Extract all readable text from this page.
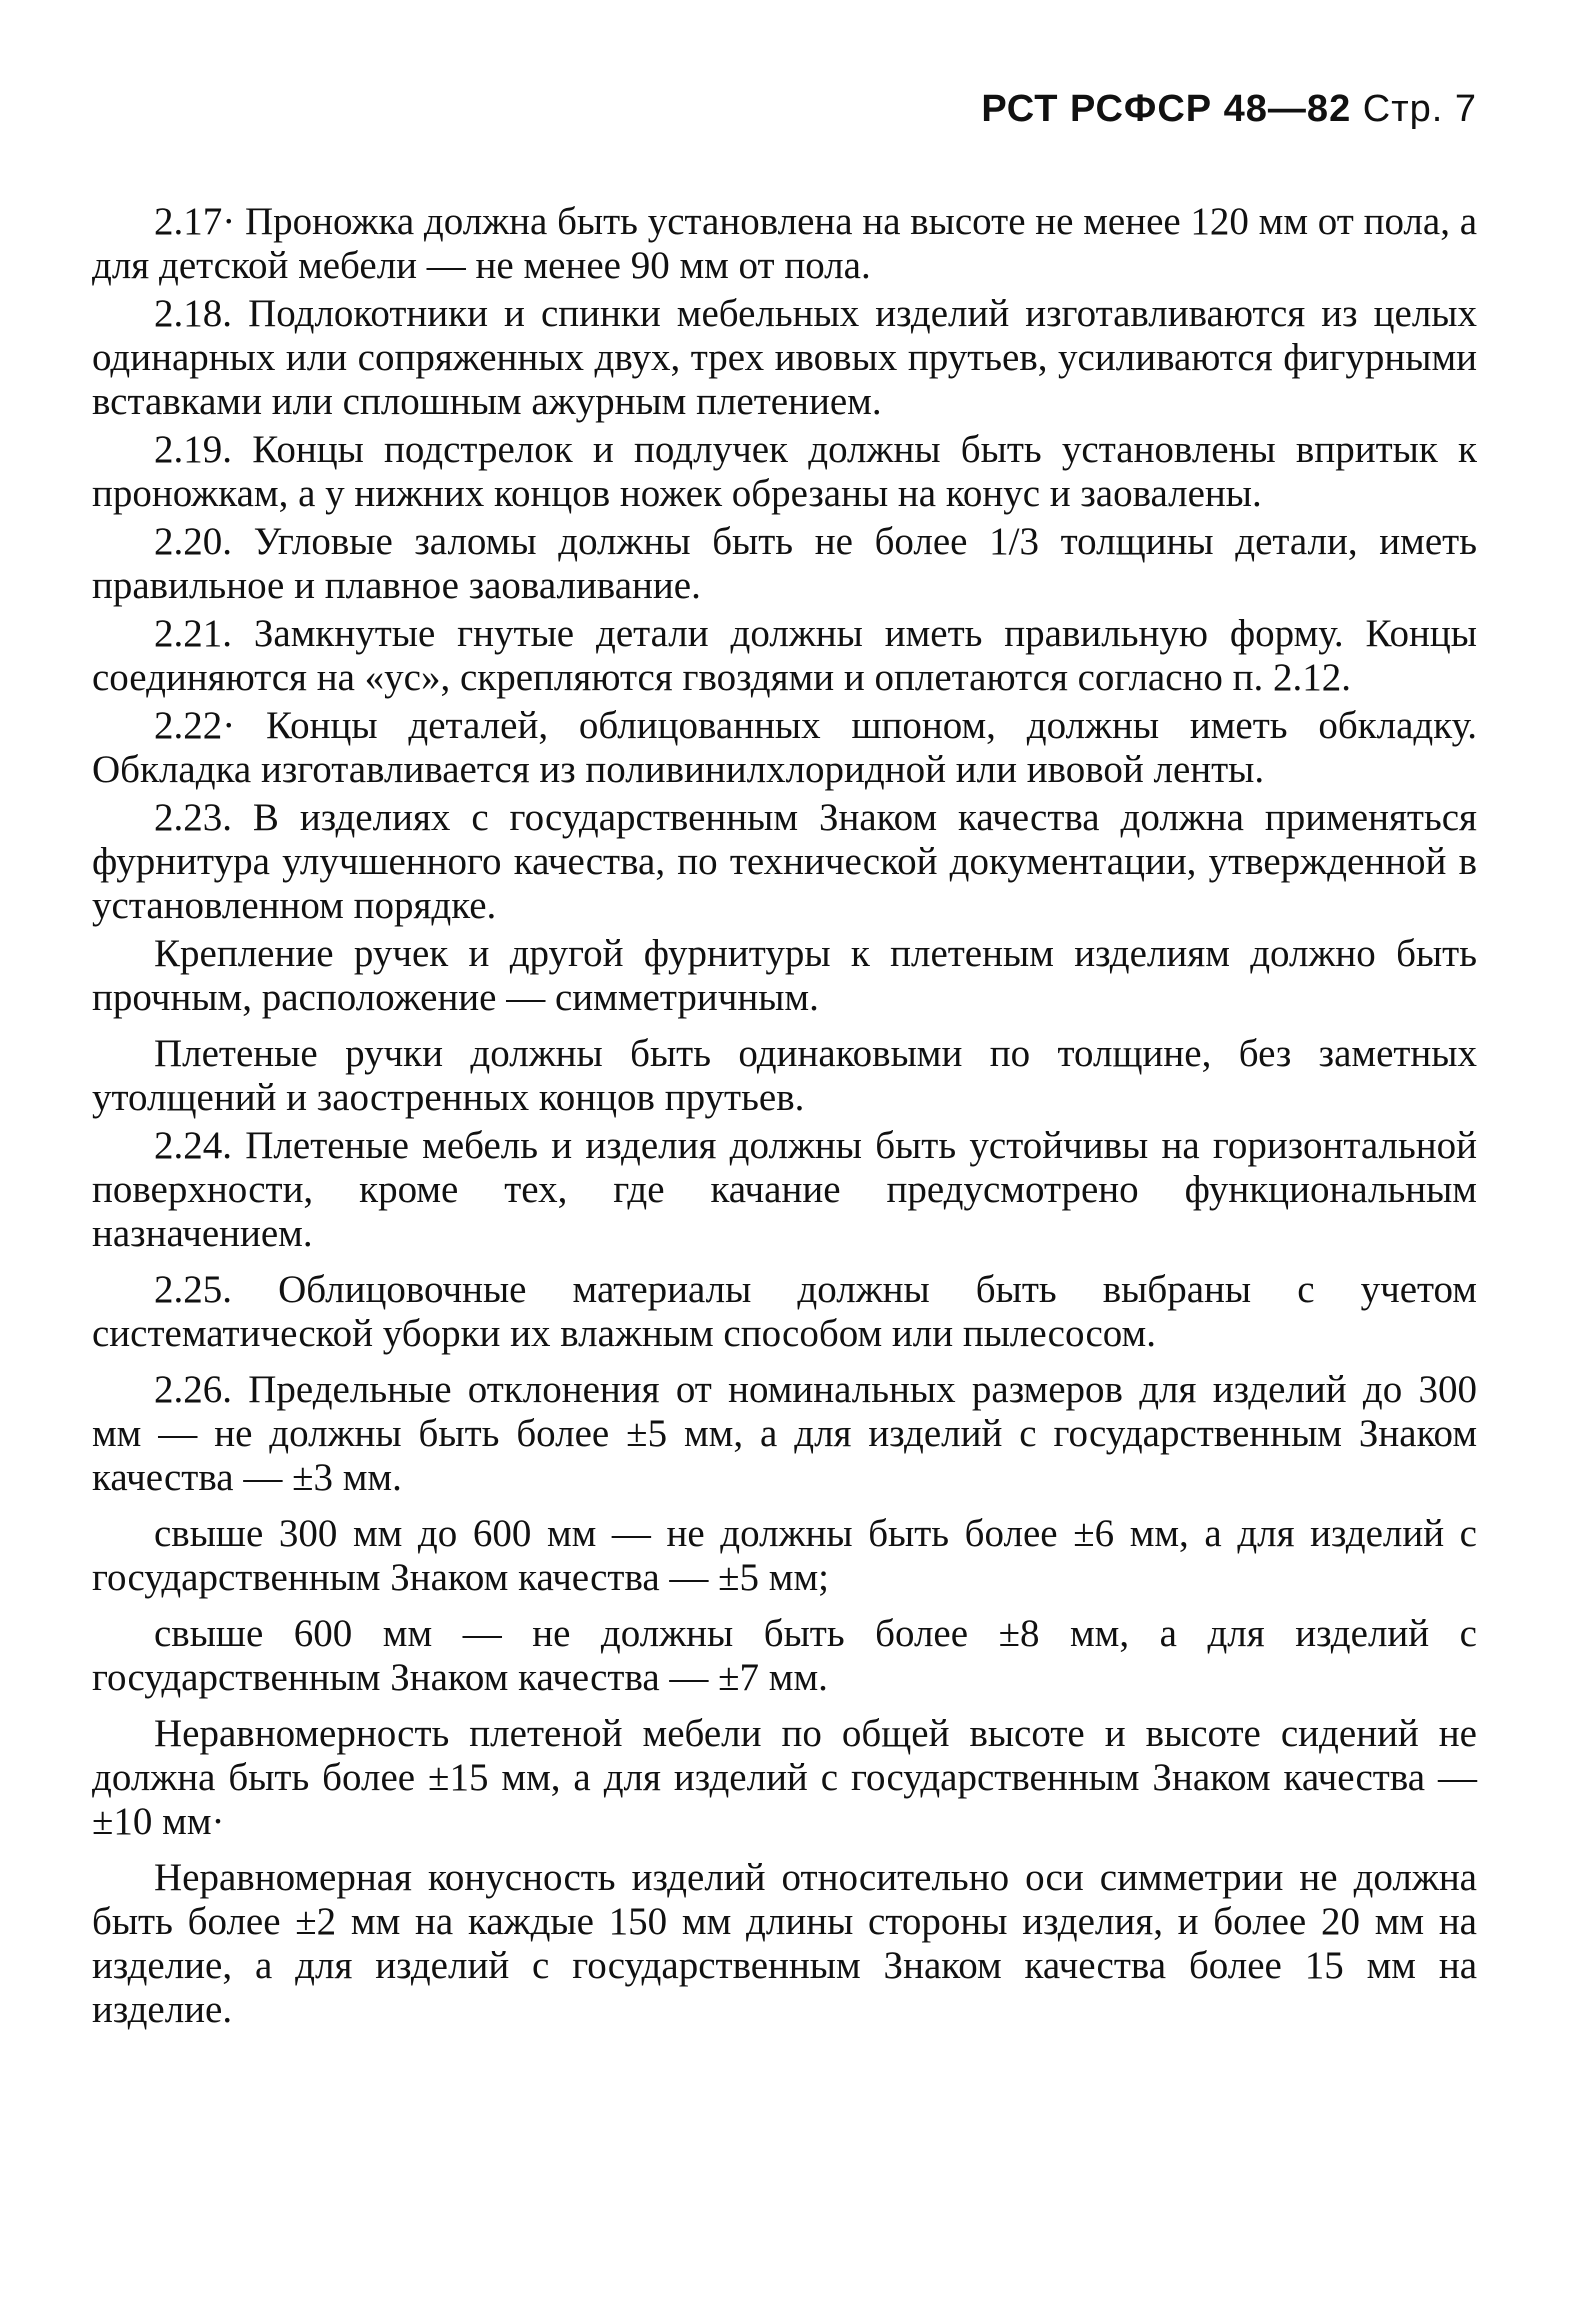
РСТ РСФСР 48—82 Стр. 7

2.17· Проножка должна быть установлена на высоте не менее 120 мм от пола, а для детской мебели — не менее 90 мм от пола.

2.18. Подлокотники и спинки мебельных изделий изготавливаются из целых одинарных или сопряженных двух, трех ивовых прутьев, усиливаются фигурными вставками или сплошным ажурным плетением.

2.19. Концы подстрелок и подлучек должны быть установлены впритык к проножкам, а у нижних концов ножек обрезаны на конус и заовалены.

2.20. Угловые заломы должны быть не более 1/3 толщины детали, иметь правильное и плавное заоваливание.

2.21. Замкнутые гнутые детали должны иметь правильную форму. Концы соединяются на «ус», скрепляются гвоздями и оплетаются согласно п. 2.12.

2.22· Концы деталей, облицованных шпоном, должны иметь обкладку. Обкладка изготавливается из поливинилхлоридной или ивовой ленты.

2.23. В изделиях с государственным Знаком качества должна применяться фурнитура улучшенного качества, по технической документации, утвержденной в установленном порядке.

Крепление ручек и другой фурнитуры к плетеным изделиям должно быть прочным, расположение — симметричным.

Плетеные ручки должны быть одинаковыми по толщине, без заметных утолщений и заостренных концов прутьев.

2.24. Плетеные мебель и изделия должны быть устойчивы на горизонтальной поверхности, кроме тех, где качание предусмотрено функциональным назначением.

2.25. Облицовочные материалы должны быть выбраны с учетом систематической уборки их влажным способом или пылесосом.

2.26. Предельные отклонения от номинальных размеров для изделий до 300 мм — не должны быть более ±5 мм, а для изделий с государственным Знаком качества — ±3 мм.

свыше 300 мм до 600 мм — не должны быть более ±6 мм, а для изделий с государственным Знаком качества — ±5 мм;

свыше 600 мм — не должны быть более ±8 мм, а для изделий с государственным Знаком качества — ±7 мм.

Неравномерность плетеной мебели по общей высоте и высоте сидений не должна быть более ±15 мм, а для изделий с государственным Знаком качества — ±10 мм·

Неравномерная конусность изделий относительно оси симметрии не должна быть более ±2 мм на каждые 150 мм длины стороны изделия, и более 20 мм на изделие, а для изделий с государственным Знаком качества более 15 мм на изделие.
